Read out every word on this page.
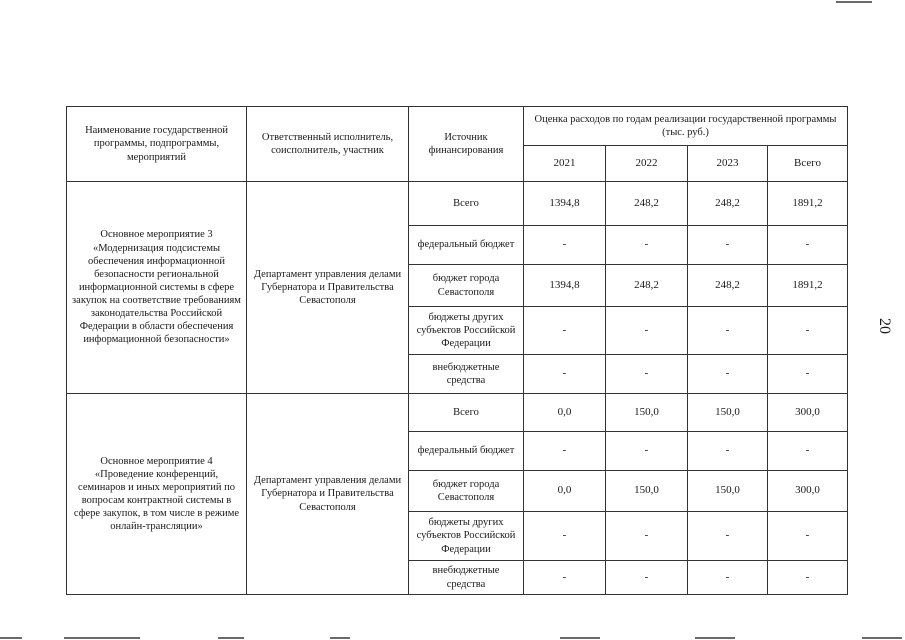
20
Наименование государственной программы, подпрограммы, мероприятий	Ответственный исполнитель, соисполнитель, участник	Источник финансирования	Оценка расходов по годам реализации государственной программы (тыс. руб.)			
			2021	2022	2023	Всего
Основное мероприятие 3 «Модернизация подсистемы обеспечения информационной безопасности региональной информационной системы в сфере закупок на соответствие требованиям законодательства Российской Федерации в области обеспечения информационной безопасности»	Департамент управления делами Губернатора и Правительства Севастополя	Всего	1394,8	248,2	248,2	1891,2
		федеральный бюджет	-	-	-	-
		бюджет города Севастополя	1394,8	248,2	248,2	1891,2
		бюджеты других субъектов Российской Федерации	-	-	-	-
		внебюджетные средства	-	-	-	-
Основное мероприятие 4 «Проведение конференций, семинаров и иных мероприятий по вопросам контрактной системы в сфере закупок, в том числе в режиме онлайн-трансляции»	Департамент управления делами Губернатора и Правительства Севастополя	Всего	0,0	150,0	150,0	300,0
		федеральный бюджет	-	-	-	-
		бюджет города Севастополя	0,0	150,0	150,0	300,0
		бюджеты других субъектов Российской Федерации	-	-	-	-
		внебюджетные средства	-	-	-	-
